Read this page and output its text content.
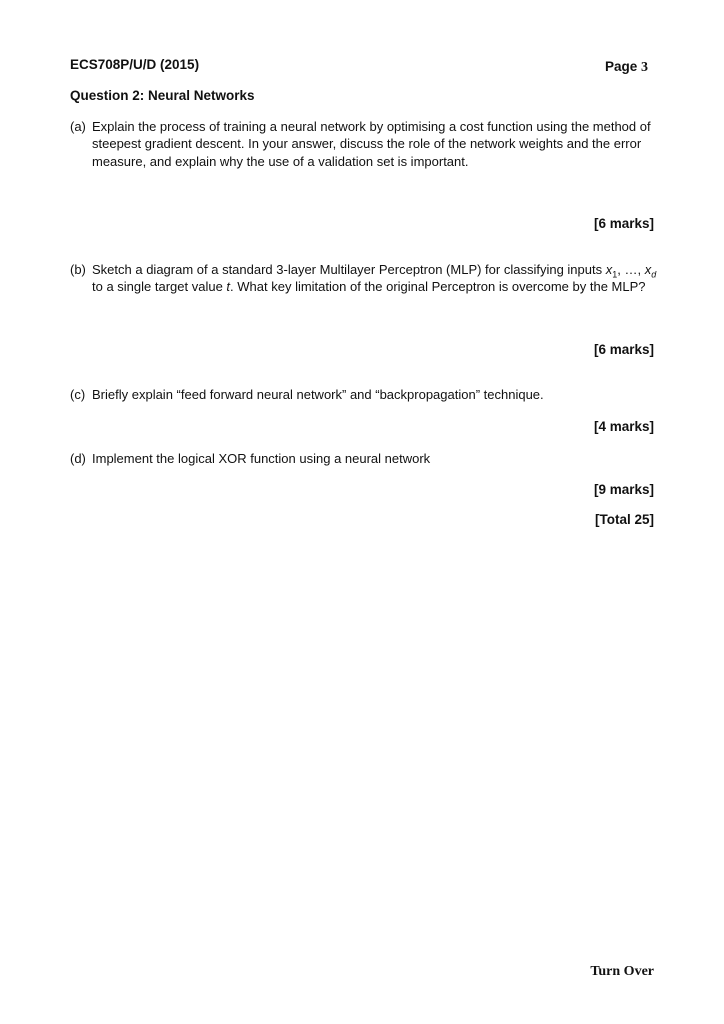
ECS708P/U/D (2015)	Page 3
Question 2: Neural Networks
(a) Explain the process of training a neural network by optimising a cost function using the method of steepest gradient descent. In your answer, discuss the role of the network weights and the error measure, and explain why the use of a validation set is important.
[6 marks]
(b) Sketch a diagram of a standard 3-layer Multilayer Perceptron (MLP) for classifying inputs $x_1$, …, $x_d$ to a single target value t. What key limitation of the original Perceptron is overcome by the MLP?
[6 marks]
(c) Briefly explain “feed forward neural network” and “backpropagation” technique.
[4 marks]
(d) Implement the logical XOR function using a neural network
[9 marks]
[Total 25]
Turn Over
